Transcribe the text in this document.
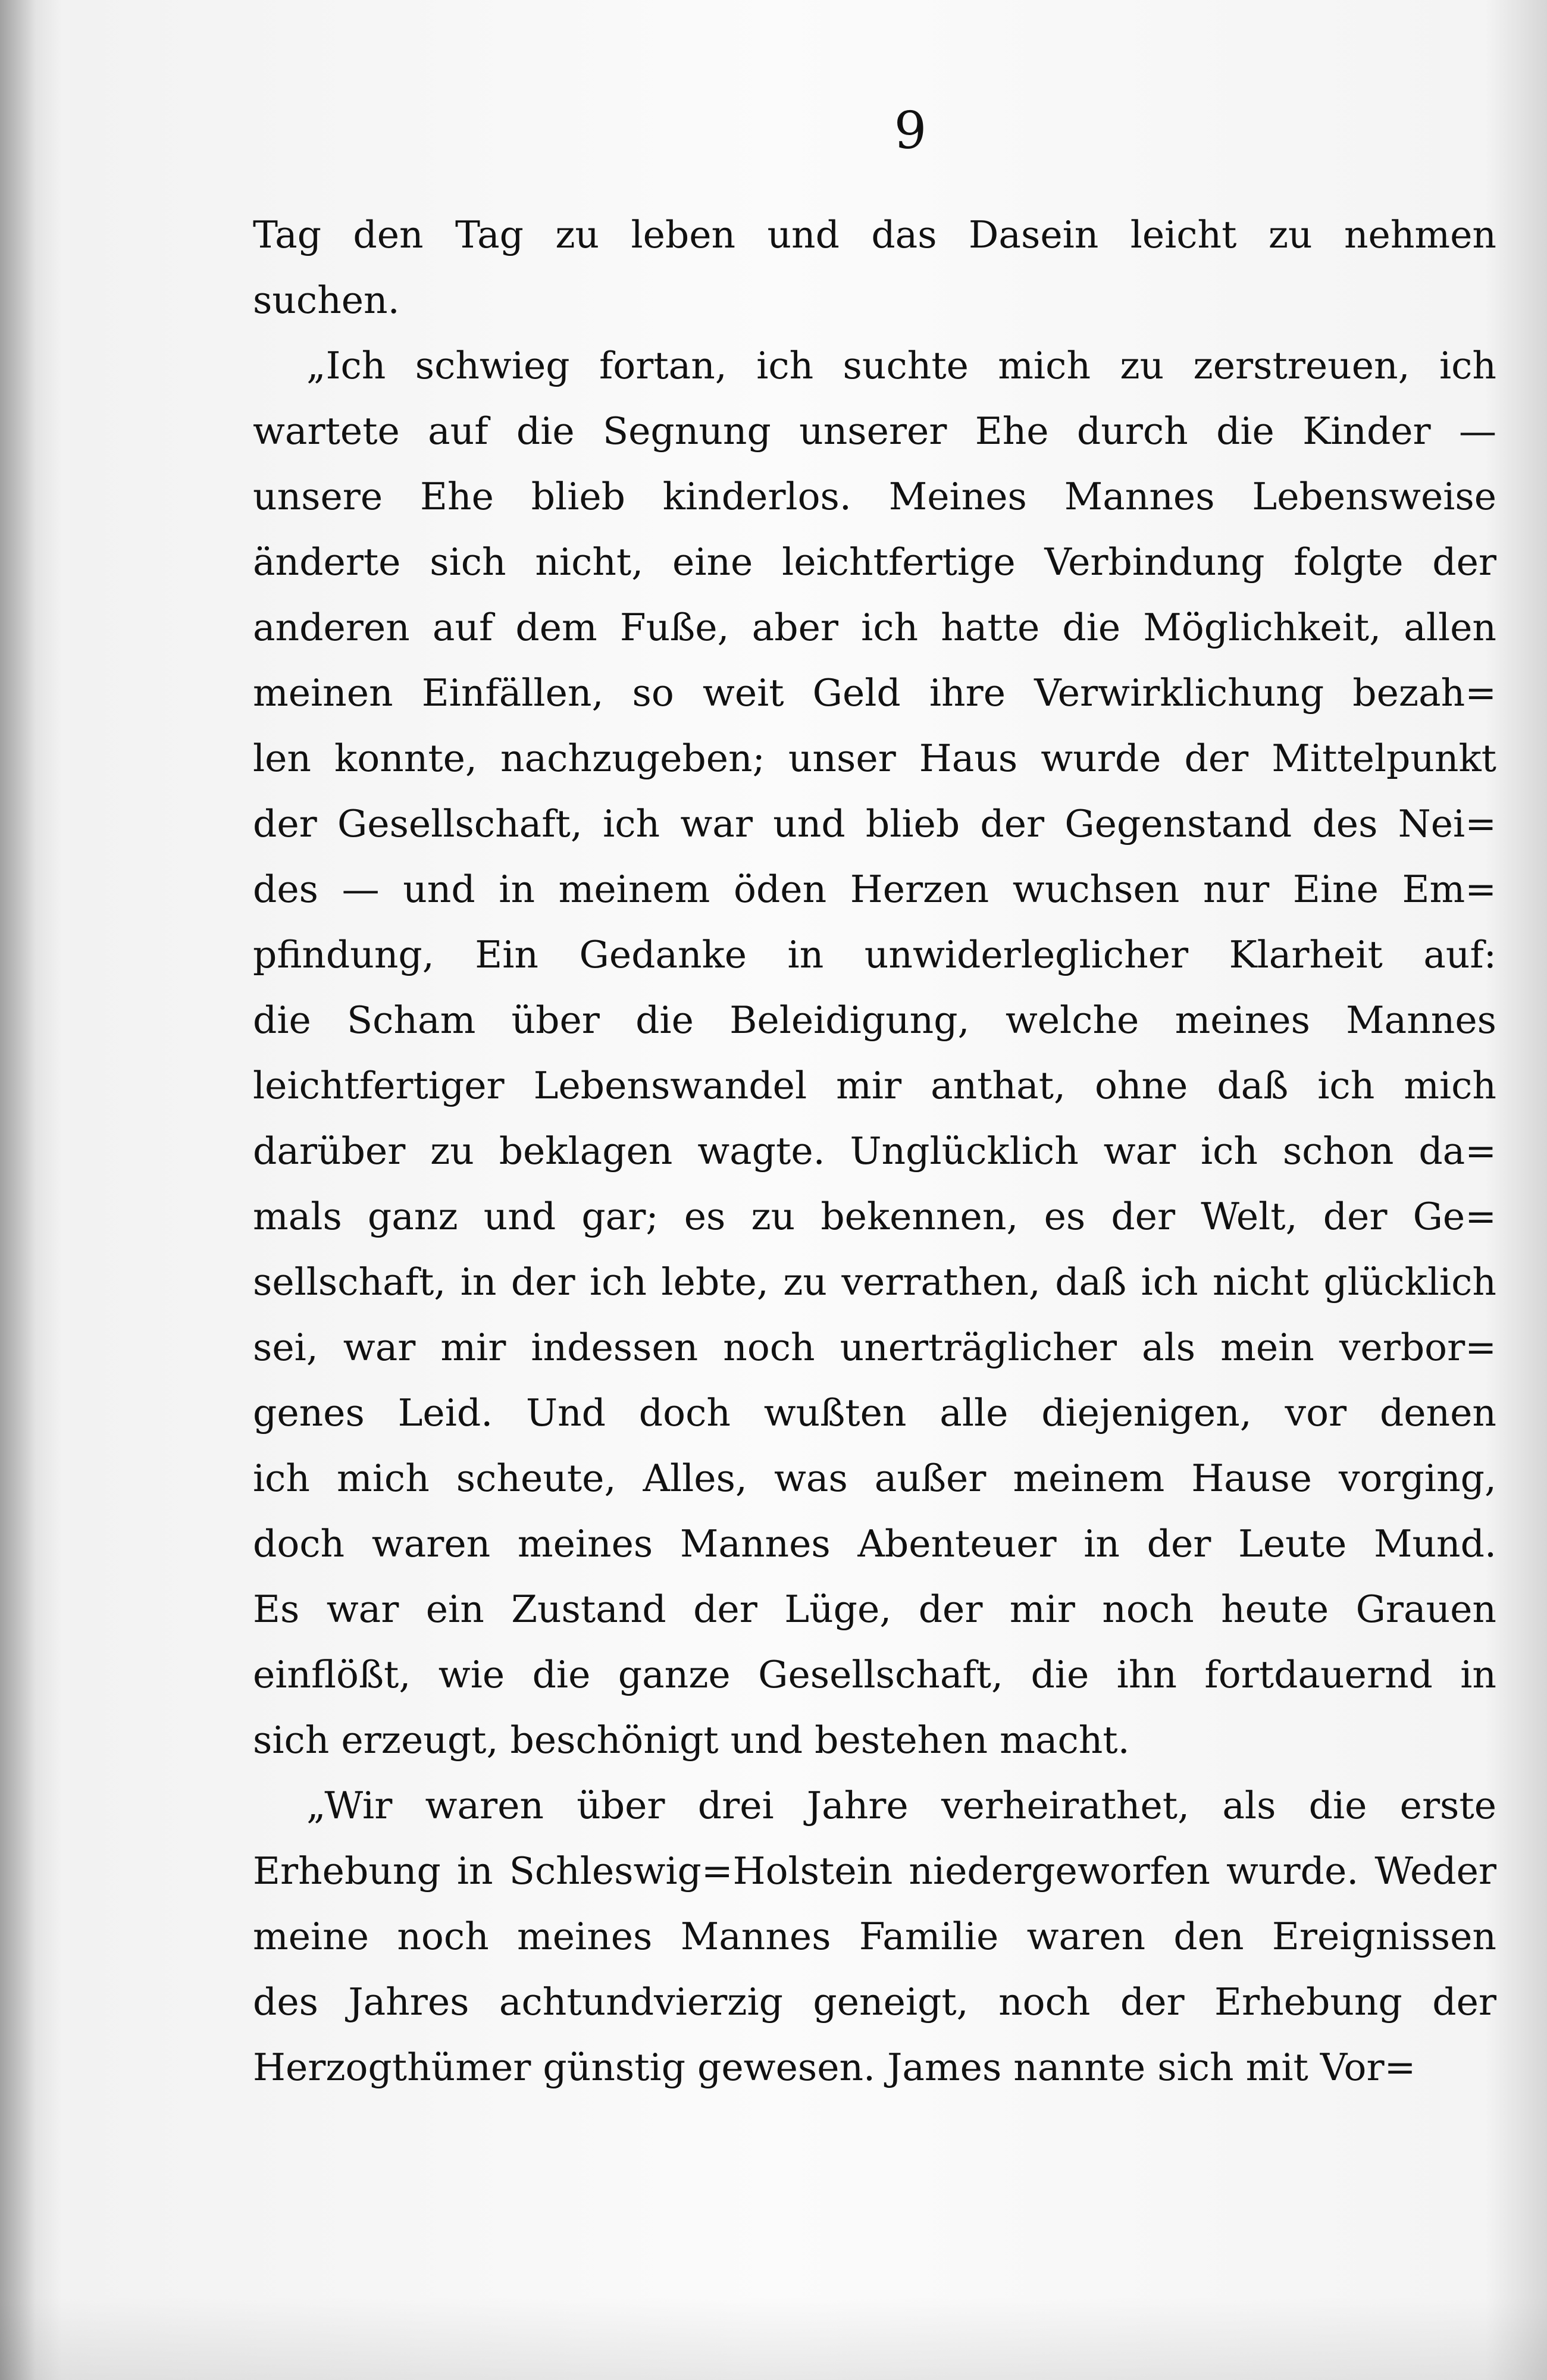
9
Tag den Tag zu leben und das Dasein leicht zu nehmen
suchen.
„Ich schwieg fortan, ich suchte mich zu zerstreuen, ich
wartete auf die Segnung unserer Ehe durch die Kinder —
unsere Ehe blieb kinderlos. Meines Mannes Lebensweise
änderte sich nicht, eine leichtfertige Verbindung folgte der
anderen auf dem Fuße, aber ich hatte die Möglichkeit, allen
meinen Einfällen, so weit Geld ihre Verwirklichung bezah=
len konnte, nachzugeben; unser Haus wurde der Mittelpunkt
der Gesellschaft, ich war und blieb der Gegenstand des Nei=
des — und in meinem öden Herzen wuchsen nur Eine Em=
pfindung, Ein Gedanke in unwiderleglicher Klarheit auf:
die Scham über die Beleidigung, welche meines Mannes
leichtfertiger Lebenswandel mir anthat, ohne daß ich mich
darüber zu beklagen wagte. Unglücklich war ich schon da=
mals ganz und gar; es zu bekennen, es der Welt, der Ge=
sellschaft, in der ich lebte, zu verrathen, daß ich nicht glücklich
sei, war mir indessen noch unerträglicher als mein verbor=
genes Leid. Und doch wußten alle diejenigen, vor denen
ich mich scheute, Alles, was außer meinem Hause vorging,
doch waren meines Mannes Abenteuer in der Leute Mund.
Es war ein Zustand der Lüge, der mir noch heute Grauen
einflößt, wie die ganze Gesellschaft, die ihn fortdauernd in
sich erzeugt, beschönigt und bestehen macht.
„Wir waren über drei Jahre verheirathet, als die erste
Erhebung in Schleswig=Holstein niedergeworfen wurde. Weder
meine noch meines Mannes Familie waren den Ereignissen
des Jahres achtundvierzig geneigt, noch der Erhebung der
Herzogthümer günstig gewesen. James nannte sich mit Vor=
